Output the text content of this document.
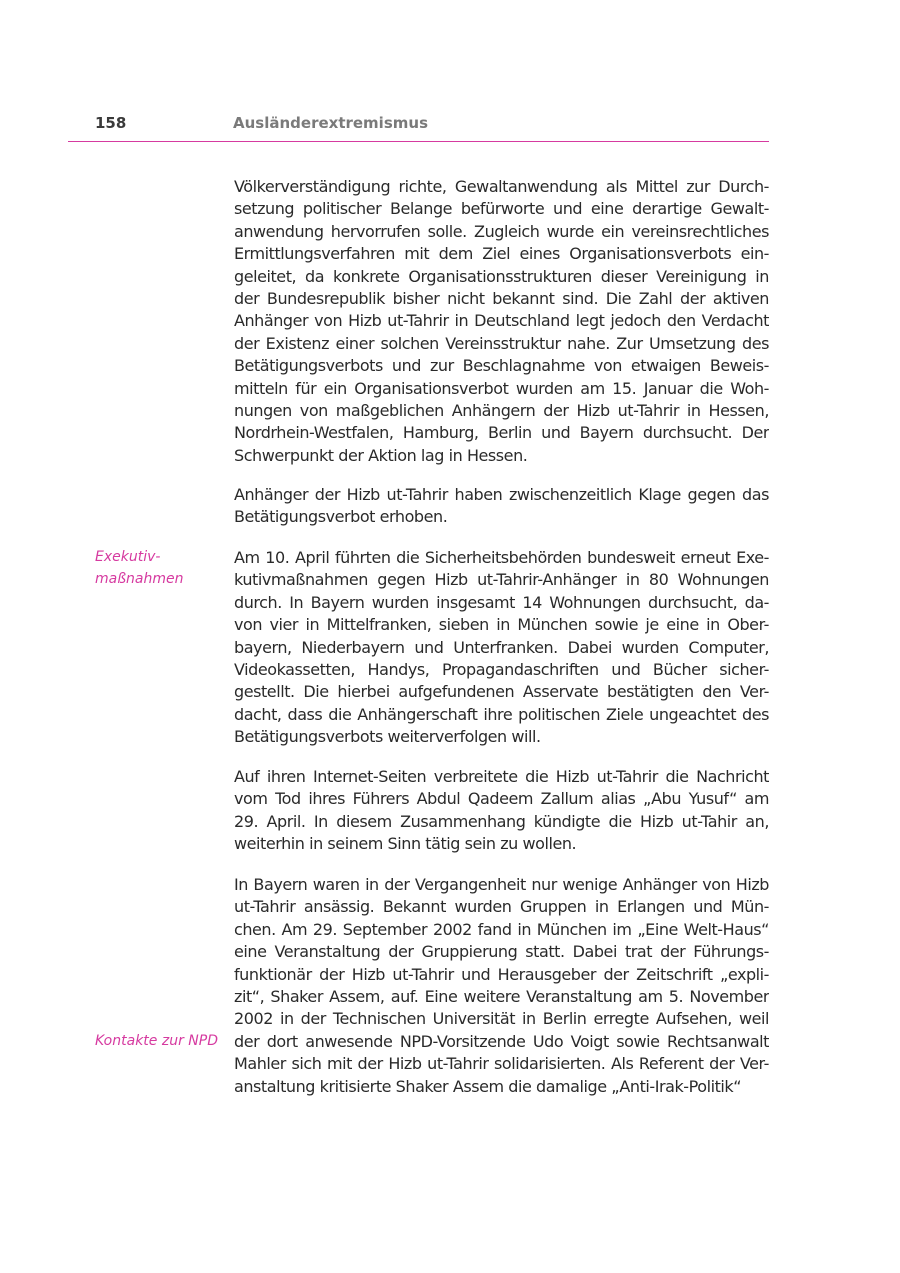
158	Ausländerextremismus
Exekutiv-
maßnahmen
Kontakte zur NPD
Völkerverständigung richte, Gewaltanwendung als Mittel zur Durch-
setzung politischer Belange befürworte und eine derartige Gewalt-
anwendung hervorrufen solle. Zugleich wurde ein vereinsrechtliches
Ermittlungsverfahren mit dem Ziel eines Organisationsverbots ein-
geleitet, da konkrete Organisationsstrukturen dieser Vereinigung in
der Bundesrepublik bisher nicht bekannt sind. Die Zahl der aktiven
Anhänger von Hizb ut-Tahrir in Deutschland legt jedoch den Verdacht
der Existenz einer solchen Vereinsstruktur nahe. Zur Umsetzung des
Betätigungsverbots und zur Beschlagnahme von etwaigen Beweis-
mitteln für ein Organisationsverbot wurden am 15. Januar die Woh-
nungen von maßgeblichen Anhängern der Hizb ut-Tahrir in Hessen,
Nordrhein-Westfalen, Hamburg, Berlin und Bayern durchsucht. Der
Schwerpunkt der Aktion lag in Hessen.
Anhänger der Hizb ut-Tahrir haben zwischenzeitlich Klage gegen das
Betätigungsverbot erhoben.
Am 10. April führten die Sicherheitsbehörden bundesweit erneut Exe-
kutivmaßnahmen gegen Hizb ut-Tahrir-Anhänger in 80 Wohnungen
durch. In Bayern wurden insgesamt 14 Wohnungen durchsucht, da-
von vier in Mittelfranken, sieben in München sowie je eine in Ober-
bayern, Niederbayern und Unterfranken. Dabei wurden Computer,
Videokassetten, Handys, Propagandaschriften und Bücher sicher-
gestellt. Die hierbei aufgefundenen Asservate bestätigten den Ver-
dacht, dass die Anhängerschaft ihre politischen Ziele ungeachtet des
Betätigungsverbots weiterverfolgen will.
Auf ihren Internet-Seiten verbreitete die Hizb ut-Tahrir die Nachricht
vom Tod ihres Führers Abdul Qadeem Zallum alias „Abu Yusuf“ am
29. April. In diesem Zusammenhang kündigte die Hizb ut-Tahir an,
weiterhin in seinem Sinn tätig sein zu wollen.
In Bayern waren in der Vergangenheit nur wenige Anhänger von Hizb
ut-Tahrir ansässig. Bekannt wurden Gruppen in Erlangen und Mün-
chen. Am 29. September 2002 fand in München im „Eine Welt-Haus“
eine Veranstaltung der Gruppierung statt. Dabei trat der Führungs-
funktionär der Hizb ut-Tahrir und Herausgeber der Zeitschrift „expli-
zit“, Shaker Assem, auf. Eine weitere Veranstaltung am 5. November
2002 in der Technischen Universität in Berlin erregte Aufsehen, weil
der dort anwesende NPD-Vorsitzende Udo Voigt sowie Rechtsanwalt
Mahler sich mit der Hizb ut-Tahrir solidarisierten. Als Referent der Ver-
anstaltung kritisierte Shaker Assem die damalige „Anti-Irak-Politik“
